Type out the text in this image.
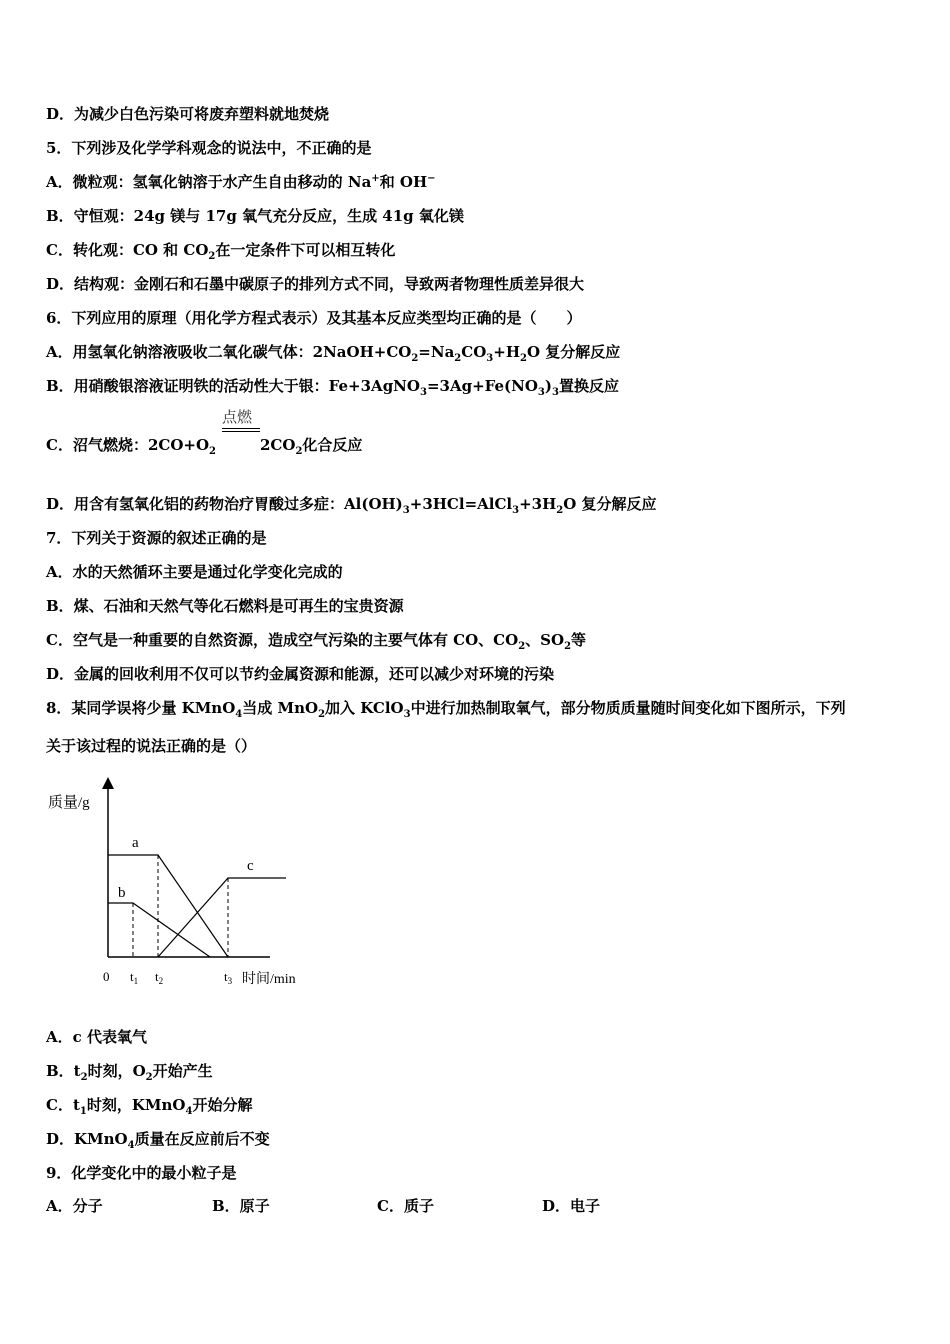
D．为减少白色污染可将废弃塑料就地焚烧
5．下列涉及化学学科观念的说法中，不正确的是
A．微粒观：氢氧化钠溶于水产生自由移动的 Na+和 OH−
B．守恒观：24g 镁与 17g 氧气充分反应，生成 41g 氧化镁
C．转化观：CO 和 $CO_2$在一定条件下可以相互转化
D．结构观：金刚石和石墨中碳原子的排列方式不同，导致两者物理性质差异很大
6．下列应用的原理（用化学方程式表示）及其基本反应类型均正确的是（　　）
A．用氢氧化钠溶液吸收二氧化碳气体：$2NaOH+CO_2=Na_2CO_3+H_2O$ 复分解反应
B．用硝酸银溶液证明铁的活动性大于银：$Fe+3AgNO_3=3Ag+Fe(NO_3)_3$置换反应
C．沼气燃烧：$2CO+O_2$	$2CO_2$化合反应
点燃
D．用含有氢氧化铝的药物治疗胃酸过多症：$Al(OH)_3+3HCl=AlCl_3+3H_2O$ 复分解反应
7．下列关于资源的叙述正确的是
A．水的天然循环主要是通过化学变化完成的
B．煤、石油和天然气等化石燃料是可再生的宝贵资源
C．空气是一种重要的自然资源，造成空气污染的主要气体有 CO、$CO_2$、$SO_2$等
D．金属的回收利用不仅可以节约金属资源和能源，还可以减少对环境的污染
8．某同学误将少量 KMnO$_4$当成 MnO$_2$加入 KClO$_3$中进行加热制取氧气，部分物质质量随时间变化如下图所示，下列
关于该过程的说法正确的是（）
质量/g
时间/min
0 $t_1$ $t_2$	$t_3$
a
b
c
A．c 代表氧气
B．$t_2$时刻，$O_2$开始产生
C．$t_1$时刻，KMnO$_4$开始分解
D．KMnO$_4$质量在反应前后不变
9．化学变化中的最小粒子是
A．分子	B．原子	C．质子	D．电子
